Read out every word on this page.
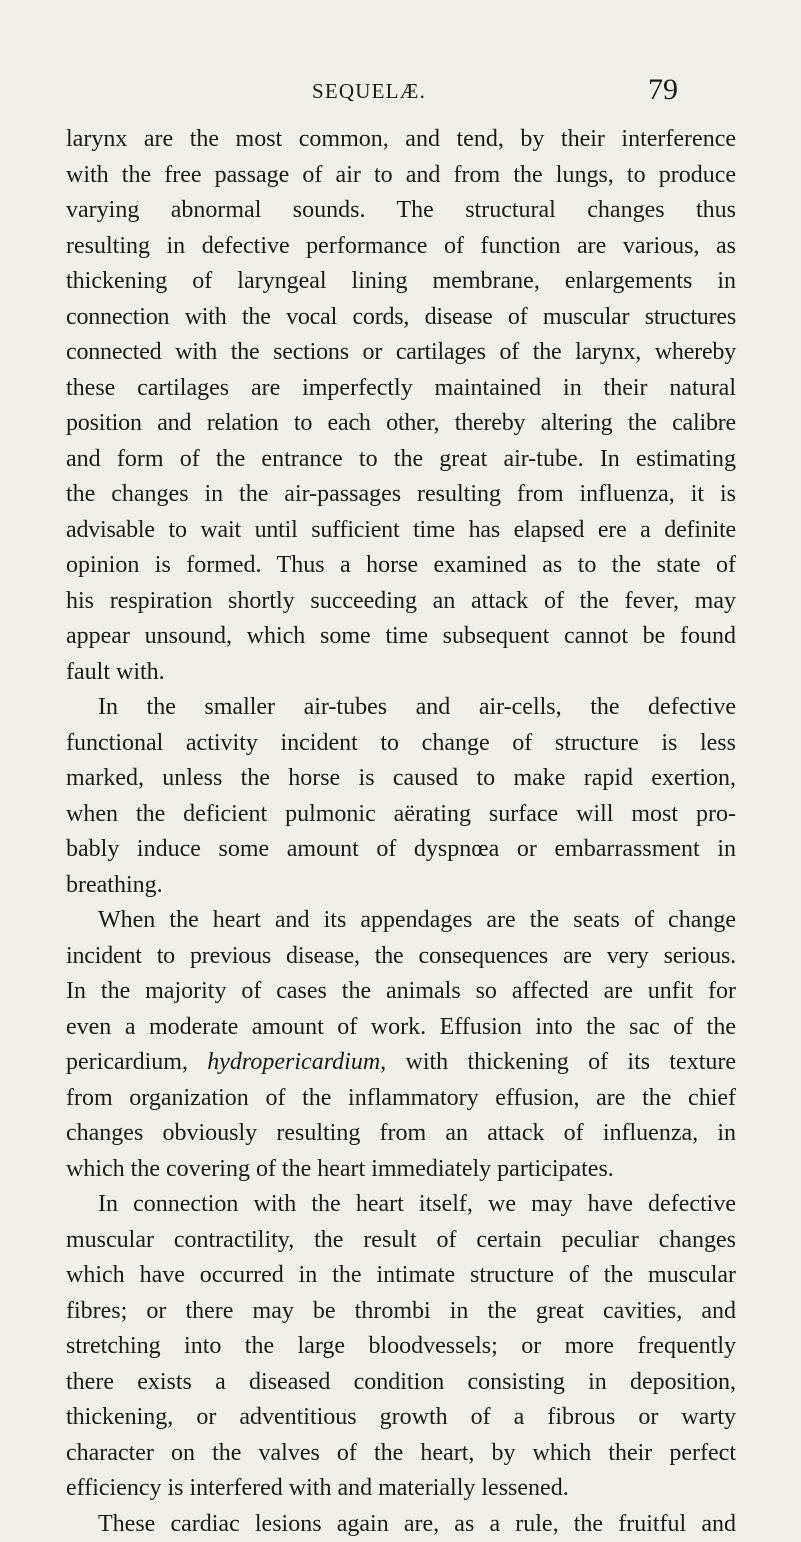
SEQUELÆ.	79
larynx are the most common, and tend, by their interference
with the free passage of air to and from the lungs, to produce
varying abnormal sounds. The structural changes thus
resulting in defective performance of function are various, as
thickening of laryngeal lining membrane, enlargements in
connection with the vocal cords, disease of muscular structures
connected with the sections or cartilages of the larynx, whereby
these cartilages are imperfectly maintained in their natural
position and relation to each other, thereby altering the calibre
and form of the entrance to the great air-tube. In estimating
the changes in the air-passages resulting from influenza, it is
advisable to wait until sufficient time has elapsed ere a definite
opinion is formed. Thus a horse examined as to the state of
his respiration shortly succeeding an attack of the fever, may
appear unsound, which some time subsequent cannot be found
fault with.
In the smaller air-tubes and air-cells, the defective
functional activity incident to change of structure is less
marked, unless the horse is caused to make rapid exertion,
when the deficient pulmonic aërating surface will most pro-
bably induce some amount of dyspnœa or embarrassment in
breathing.
When the heart and its appendages are the seats of change
incident to previous disease, the consequences are very serious.
In the majority of cases the animals so affected are unfit for
even a moderate amount of work. Effusion into the sac of the
pericardium, hydropericardium, with thickening of its texture
from organization of the inflammatory effusion, are the chief
changes obviously resulting from an attack of influenza, in
which the covering of the heart immediately participates.
In connection with the heart itself, we may have defective
muscular contractility, the result of certain peculiar changes
which have occurred in the intimate structure of the muscular
fibres; or there may be thrombi in the great cavities, and
stretching into the large bloodvessels; or more frequently
there exists a diseased condition consisting in deposition,
thickening, or adventitious growth of a fibrous or warty
character on the valves of the heart, by which their perfect
efficiency is interfered with and materially lessened.
These cardiac lesions again are, as a rule, the fruitful and
